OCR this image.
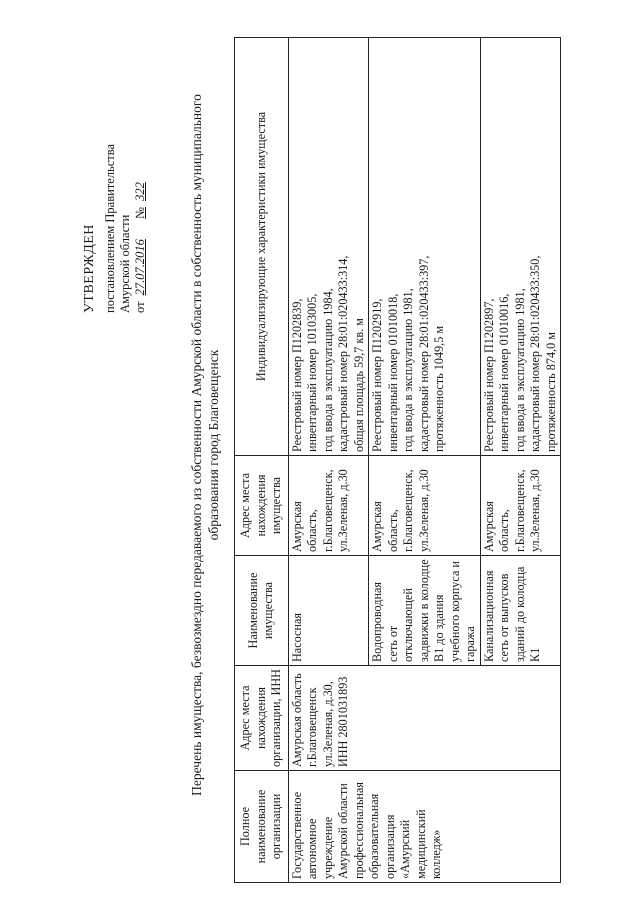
УТВЕРЖДЕН постановлением Правительства Амурской области от 27.07.2016 № 322	Перечень имущества, безвозмездно передаваемого из собственности Амурской области в собственность муниципального образования город Благовещенск
Полное наименование организации	Адрес места нахождения организации, ИНН	Наименование имущества	Адрес места нахождения имущества	Индивидуализирующие характеристики имущества
Государственное автономное учреждение Амурской области профессиональная образовательная организация «Амурский медицинский колледж»	Амурская область г.Благовещенск ул.Зеленая, д.30, ИНН 2801031893	Насосная	Амурская область, г.Благовещенск, ул.Зеленая, д.30	Реестровый номер П1202839,
инвентарный номер 10103005,
год ввода в эксплуатацию 1984,
кадастровый номер 28:01:020433:314,
общая площадь 59,7 кв. м
		Водопроводная сеть от отключающей задвижки в колодце В1 до здания учебного корпуса и гаража	Амурская область, г.Благовещенск, ул.Зеленая, д.30	Реестровый номер П1202919,
инвентарный номер 01010018,
год ввода в эксплуатацию 1981,
кадастровый номер 28:01:020433:397,
протяженность 1049,5 м
		Канализационная сеть от выпусков зданий до колодца К1	Амурская область, г.Благовещенск, ул.Зеленая, д.30	Реестровый номер П1202897,
инвентарный номер 01010016,
год ввода в эксплуатацию 1981,
кадастровый номер 28:01:020433:350,
протяженность 874,0 м
